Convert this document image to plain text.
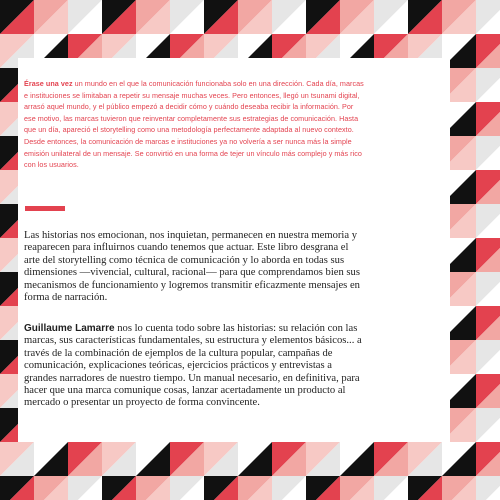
Érase una vez un mundo en el que la comunicación funcionaba solo en una dirección. Cada día, marcas e instituciones se limitaban a repetir su mensaje muchas veces. Pero entonces, llegó un tsunami digital, arrasó aquel mundo, y el público empezó a decidir cómo y cuándo deseaba recibir la información. Por ese motivo, las marcas tuvieron que reinventar completamente sus estrategias de comunicación. Hasta que un día, apareció el storytelling como una metodología perfectamente adaptada al nuevo contexto. Desde entonces, la comunicación de marcas e instituciones ya no volvería a ser nunca más la simple emisión unilateral de un mensaje. Se convirtió en una forma de tejer un vínculo más complejo y más rico con los usuarios.

Las historias nos emocionan, nos inquietan, permanecen en nuestra memoria y reaparecen para influirnos cuando tenemos que actuar. Este libro desgrana el arte del storytelling como técnica de comunicación y lo aborda en todas sus dimensiones —vivencial, cultural, racional— para que comprendamos bien sus mecanismos de funcionamiento y logremos transmitir eficazmente mensajes en forma de narración.

Guillaume Lamarre nos lo cuenta todo sobre las historias: su relación con las marcas, sus características fundamentales, su estructura y elementos básicos... a través de la combinación de ejemplos de la cultura popular, campañas de comunicación, explicaciones teóricas, ejercicios prácticos y entrevistas a grandes narradores de nuestro tiempo. Un manual necesario, en definitiva, para hacer que una marca comunique cosas, lanzar acertadamente un producto al mercado o presentar un proyecto de forma convincente.
